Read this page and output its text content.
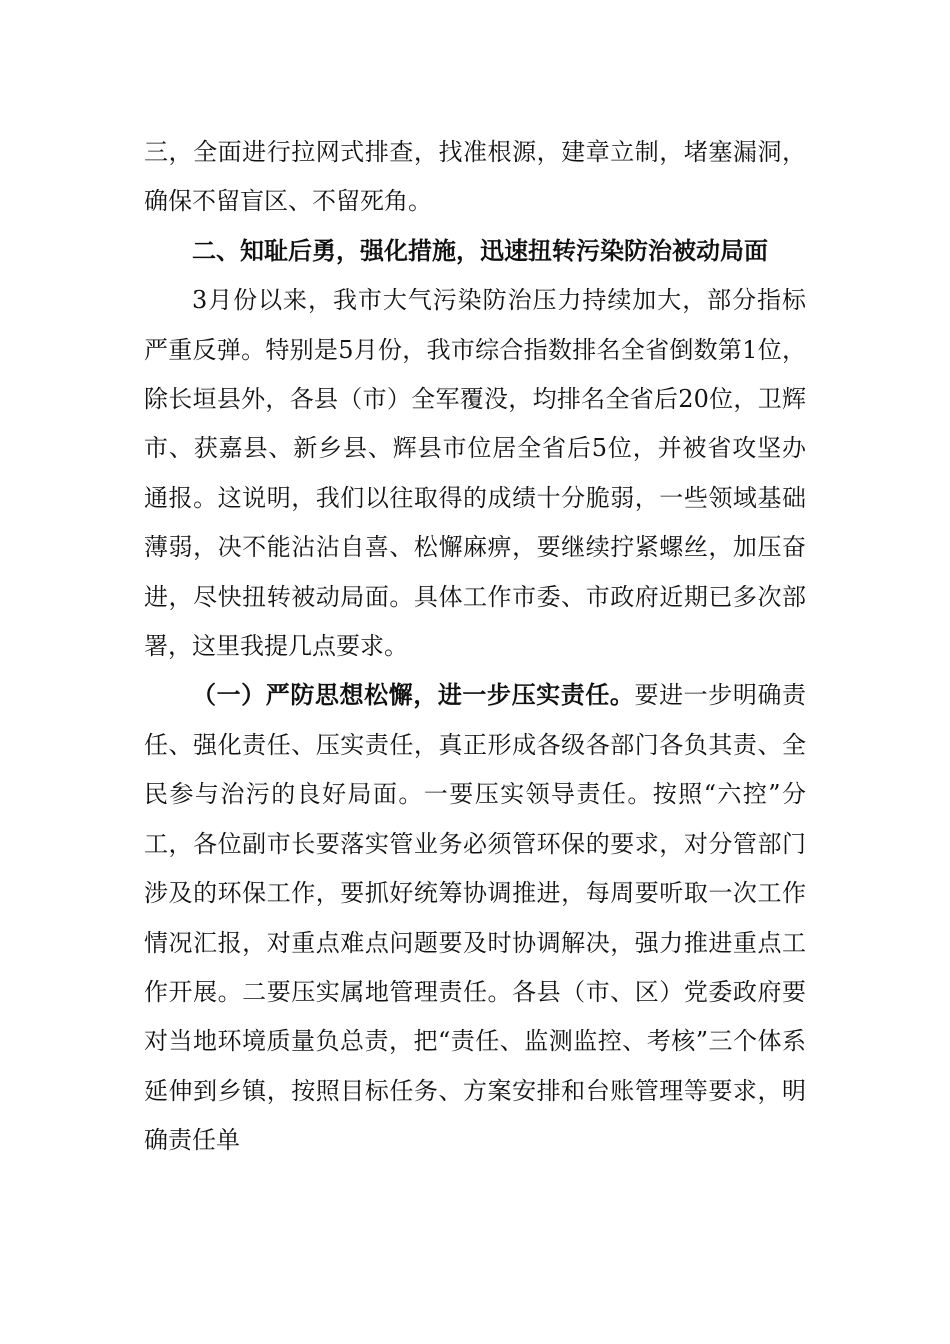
三，全面进行拉网式排查，找准根源，建章立制，堵塞漏洞，确保不留盲区、不留死角。

二、知耻后勇，强化措施，迅速扭转污染防治被动局面

3月份以来，我市大气污染防治压力持续加大，部分指标严重反弹。特别是5月份，我市综合指数排名全省倒数第1位，除长垣县外，各县（市）全军覆没，均排名全省后20位，卫辉市、获嘉县、新乡县、辉县市位居全省后5位，并被省攻坚办通报。这说明，我们以往取得的成绩十分脆弱，一些领域基础薄弱，决不能沾沾自喜、松懈麻痹，要继续拧紧螺丝，加压奋进，尽快扭转被动局面。具体工作市委、市政府近期已多次部署，这里我提几点要求。

（一）严防思想松懈，进一步压实责任。要进一步明确责任、强化责任、压实责任，真正形成各级各部门各负其责、全民参与治污的良好局面。一要压实领导责任。按照“六控”分工，各位副市长要落实管业务必须管环保的要求，对分管部门涉及的环保工作，要抓好统筹协调推进，每周要听取一次工作情况汇报，对重点难点问题要及时协调解决，强力推进重点工作开展。二要压实属地管理责任。各县（市、区）党委政府要对当地环境质量负总责，把“责任、监测监控、考核”三个体系延伸到乡镇，按照目标任务、方案安排和台账管理等要求，明确责任单
